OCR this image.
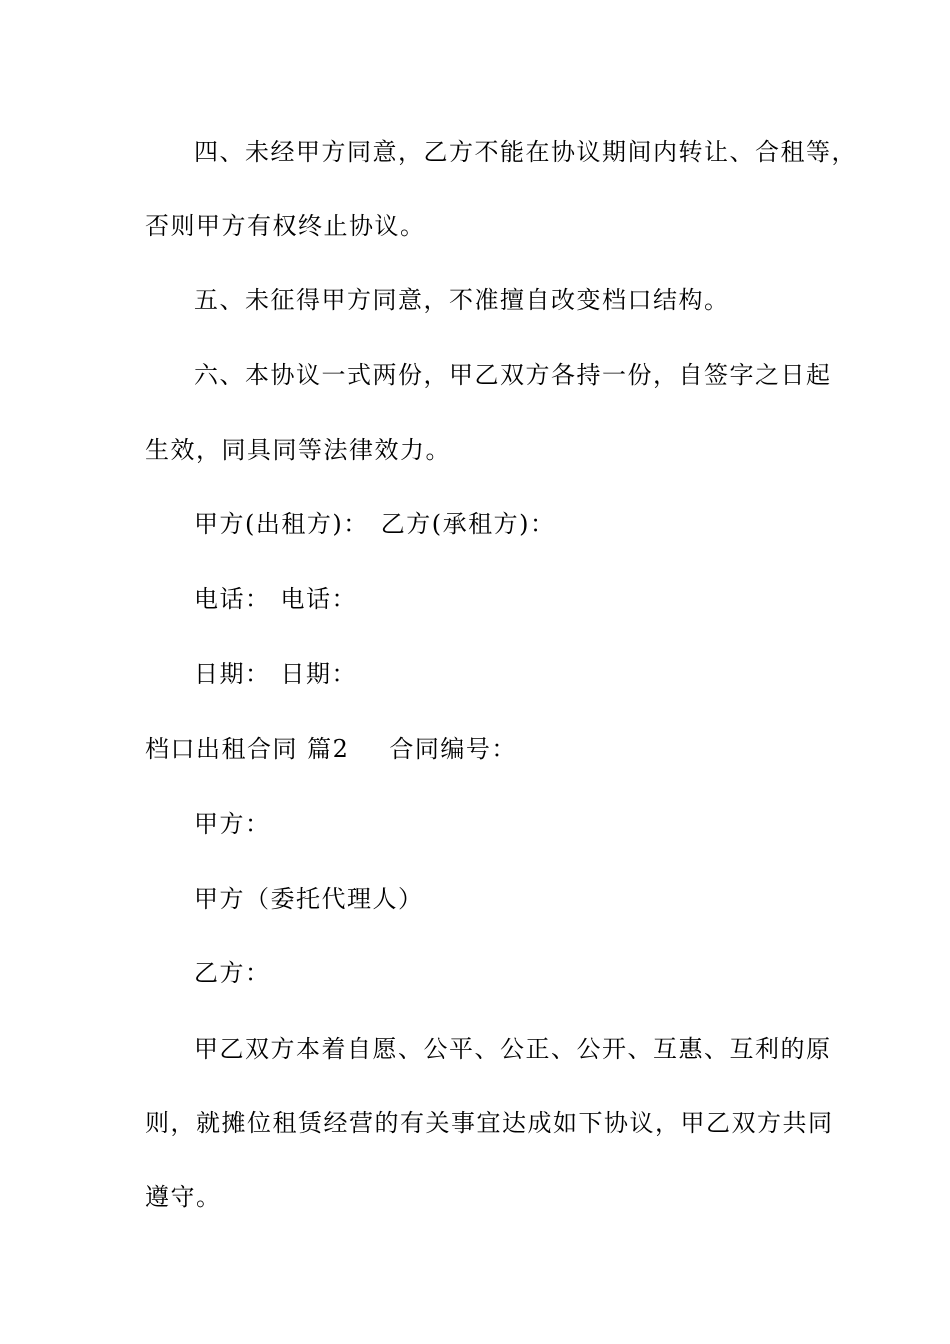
四、未经甲方同意，乙方不能在协议期间内转让、合租等，
否则甲方有权终止协议。
五、未征得甲方同意，不准擅自改变档口结构。
六、本协议一式两份，甲乙双方各持一份，自签字之日起
生效，同具同等法律效力。
甲方(出租方)： 乙方(承租方)：
电话： 电话：
日期： 日期：
档口出租合同 篇2 合同编号：
甲方：
甲方（委托代理人）
乙方：
甲乙双方本着自愿、公平、公正、公开、互惠、互利的原
则，就摊位租赁经营的有关事宜达成如下协议，甲乙双方共同
遵守。
